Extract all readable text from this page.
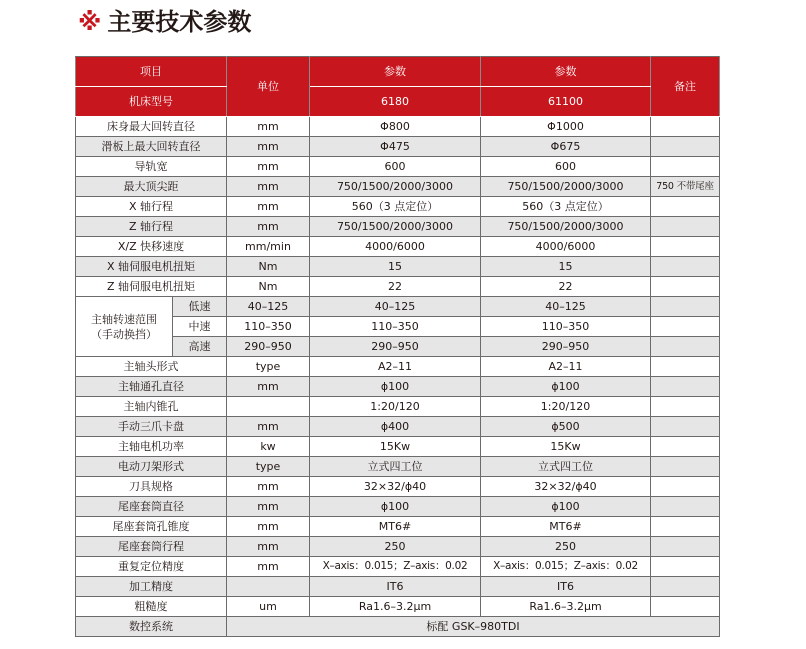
※ 主要技术参数
项目		单位	参数	参数	备注
机床型号			6180	61100	
床身最大回转直径		mm	Φ800	Φ1000	
滑板上最大回转直径		mm	Φ475	Φ675	
导轨宽		mm	600	600	
最大顶尖距		mm	750/1500/2000/3000	750/1500/2000/3000	750 不带尾座
X 轴行程		mm	560（3 点定位）	560（3 点定位）	
Z 轴行程		mm	750/1500/2000/3000	750/1500/2000/3000	
X/Z 快移速度		mm/min	4000/6000	4000/6000	
X 轴伺服电机扭矩		Nm	15	15	
Z 轴伺服电机扭矩		Nm	22	22	
主轴转速范围
（手动换挡）	低速	40–125	40–125	40–125	
	中速	110–350	110–350	110–350	
	高速	290–950	290–950	290–950	
主轴头形式		type	A2–11	A2–11	
主轴通孔直径		mm	ϕ100	ϕ100	
主轴内锥孔			1:20/120	1:20/120	
手动三爪卡盘		mm	ϕ400	ϕ500	
主轴电机功率		kw	15Kw	15Kw	
电动刀架形式		type	立式四工位	立式四工位	
刀具规格		mm	32×32/ϕ40	32×32/ϕ40	
尾座套筒直径		mm	ϕ100	ϕ100	
尾座套筒孔锥度		mm	MT6#	MT6#	
尾座套筒行程		mm	250	250	
重复定位精度		mm	X–axis：0.015；Z–axis：0.02	X–axis：0.015；Z–axis：0.02	
加工精度			IT6	IT6	
粗糙度		um	Ra1.6–3.2μm	Ra1.6–3.2μm	
数控系统		标配 GSK–980TDI			
